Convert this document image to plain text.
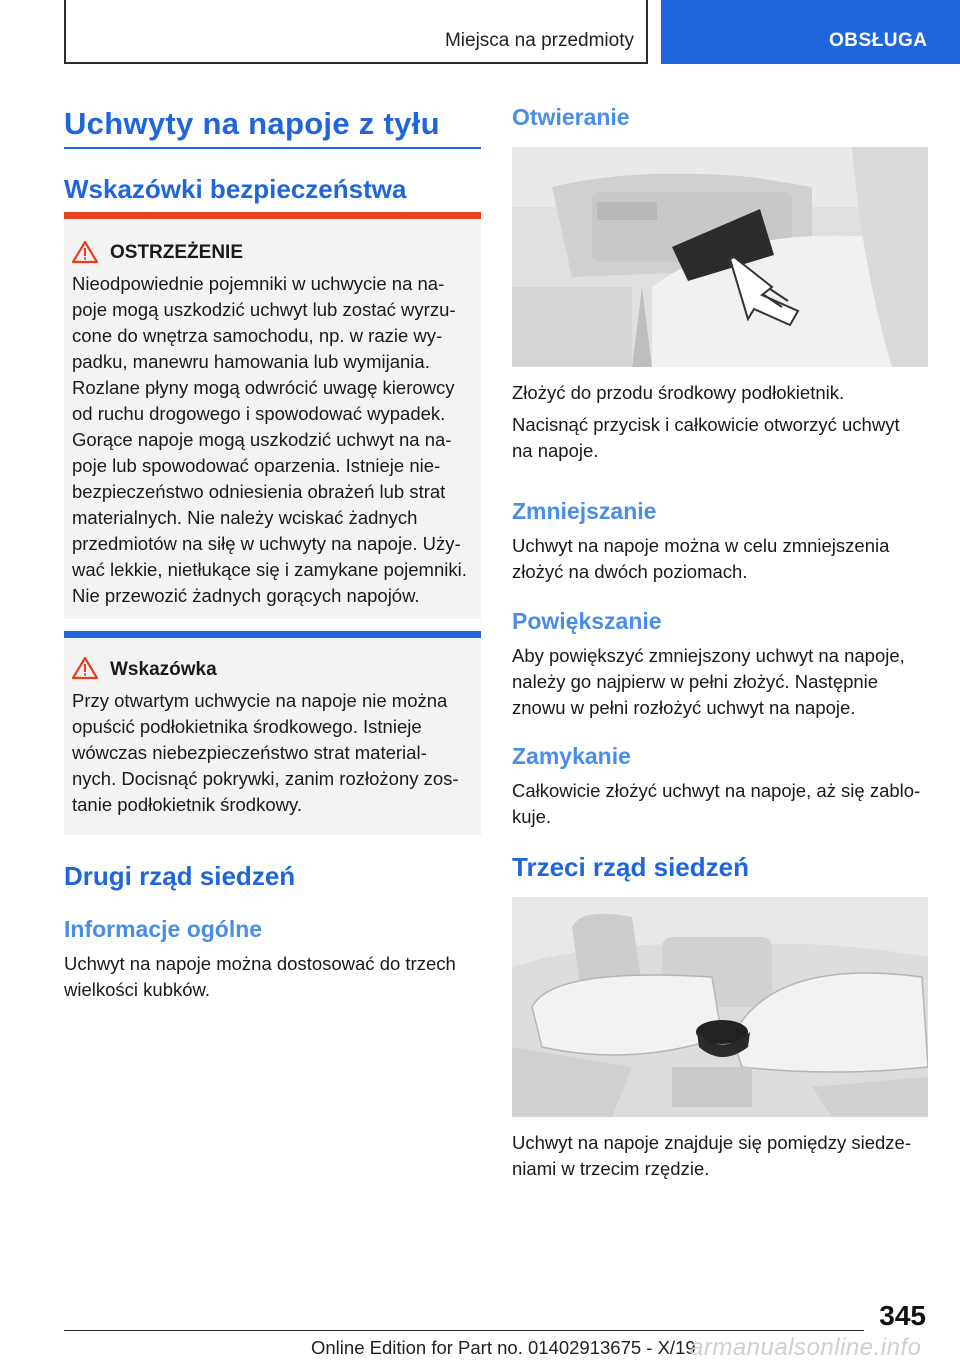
Miejsca na przedmioty	OBSŁUGA
Uchwyty na napoje z tyłu
Wskazówki bezpieczeństwa
OSTRZEŻENIE
Nieodpowiednie pojemniki w uchwycie na na-
poje mogą uszkodzić uchwyt lub zostać wyrzu-
cone do wnętrza samochodu, np. w razie wy-
padku, manewru hamowania lub wymijania.
Rozlane płyny mogą odwrócić uwagę kierowcy
od ruchu drogowego i spowodować wypadek.
Gorące napoje mogą uszkodzić uchwyt na na-
poje lub spowodować oparzenia. Istnieje nie-
bezpieczeństwo odniesienia obrażeń lub strat
materialnych. Nie należy wciskać żadnych
przedmiotów na siłę w uchwyty na napoje. Uży-
wać lekkie, nietłukące się i zamykane pojemniki.
Nie przewozić żadnych gorących napojów.
Wskazówka
Przy otwartym uchwycie na napoje nie można
opuścić podłokietnika środkowego. Istnieje
wówczas niebezpieczeństwo strat material-
nych. Docisnąć pokrywki, zanim rozłożony zos-
tanie podłokietnik środkowy.
Drugi rząd siedzeń
Informacje ogólne
Uchwyt na napoje można dostosować do trzech
wielkości kubków.
Otwieranie
Złożyć do przodu środkowy podłokietnik.
Nacisnąć przycisk i całkowicie otworzyć uchwyt
na napoje.
Zmniejszanie
Uchwyt na napoje można w celu zmniejszenia
złożyć na dwóch poziomach.
Powiększanie
Aby powiększyć zmniejszony uchwyt na napoje,
należy go najpierw w pełni złożyć. Następnie
znowu w pełni rozłożyć uchwyt na napoje.
Zamykanie
Całkowicie złożyć uchwyt na napoje, aż się zablo-
kuje.
Trzeci rząd siedzeń
Uchwyt na napoje znajduje się pomiędzy siedze-
niami w trzecim rzędzie.
345
Online Edition for Part no. 01402913675 - X/19
armanualsonline.info
